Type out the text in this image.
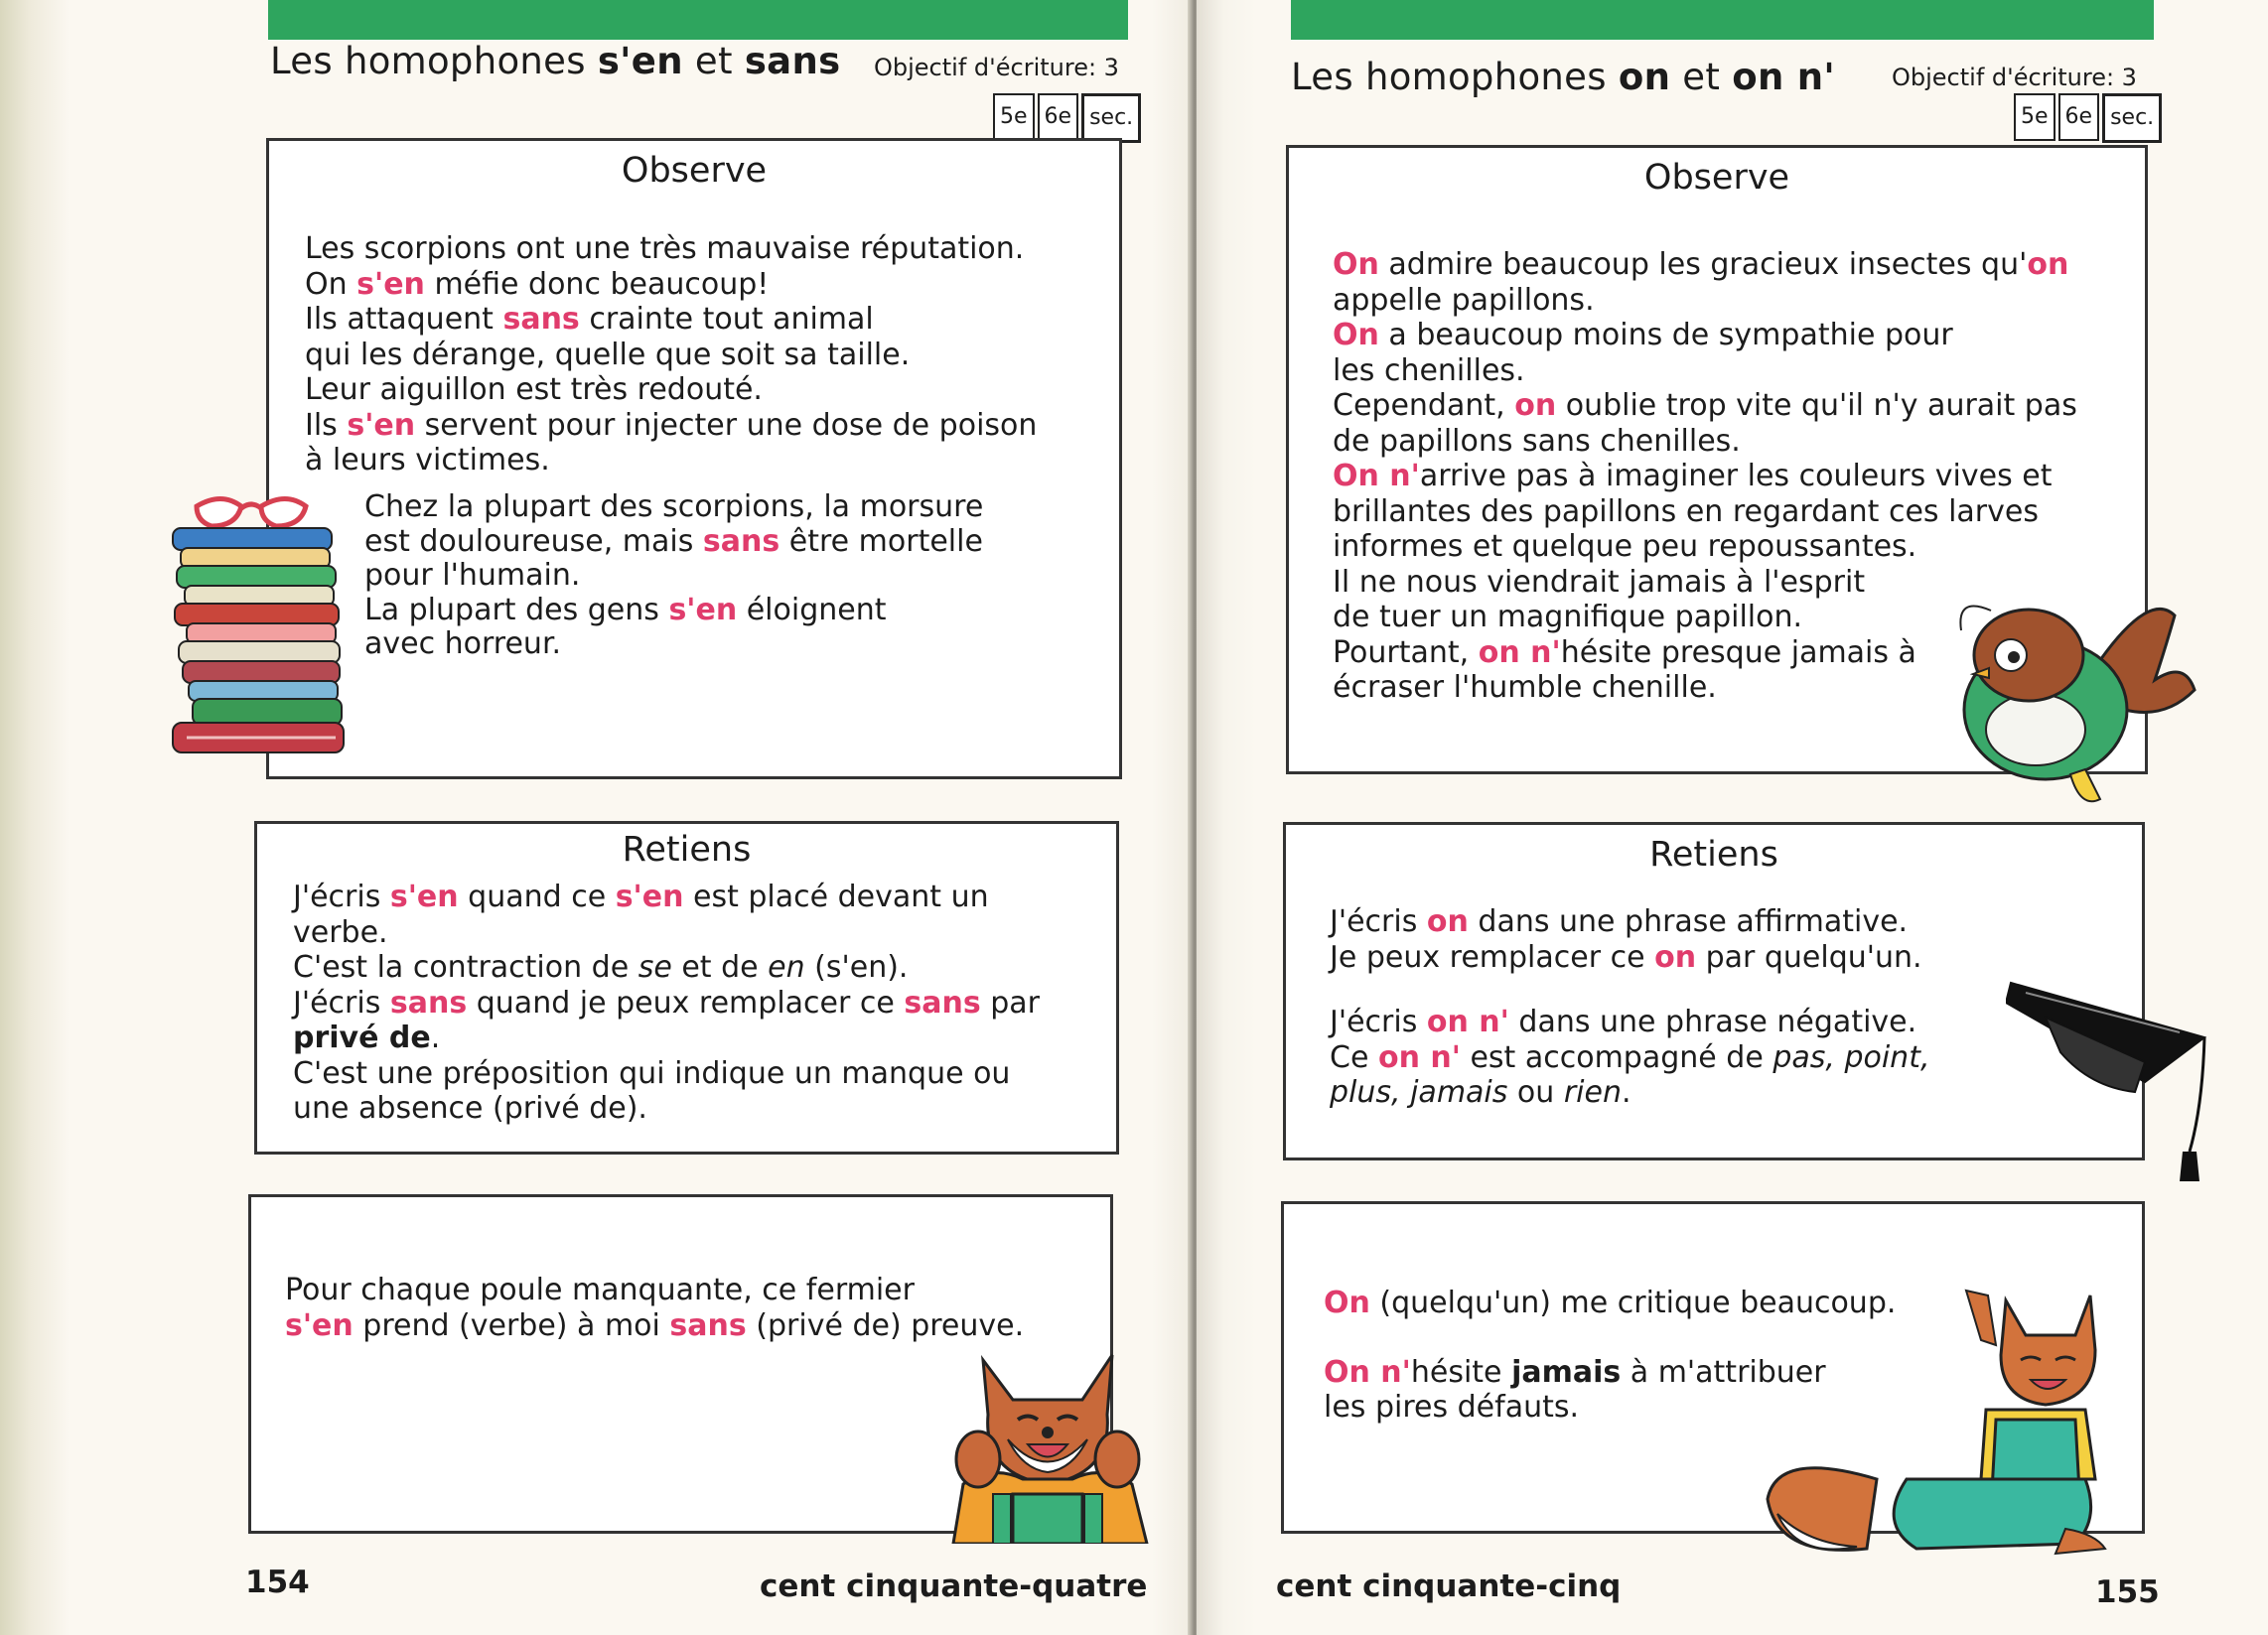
Les homophones s'en et sans Objectif d'écriture: 3
5e 6e sec.
Observe
Les scorpions ont une très mauvaise réputation.
On s'en méfie donc beaucoup!
Ils attaquent sans crainte tout animal
qui les dérange, quelle que soit sa taille.
Leur aiguillon est très redouté.
Ils s'en servent pour injecter une dose de poison
à leurs victimes.
Chez la plupart des scorpions, la morsure
est douloureuse, mais sans être mortelle
pour l'humain.
La plupart des gens s'en éloignent
avec horreur.
Retiens
J'écris s'en quand ce s'en est placé devant un
verbe.
C'est la contraction de se et de en (s'en).
J'écris sans quand je peux remplacer ce sans par
privé de.
C'est une préposition qui indique un manque ou
une absence (privé de).
Pour chaque poule manquante, ce fermier
s'en prend (verbe) à moi sans (privé de) preuve.
154	cent cinquante-quatre
Les homophones on et on n' Objectif d'écriture: 3
5e 6e sec.
Observe
On admire beaucoup les gracieux insectes qu'on
appelle papillons.
On a beaucoup moins de sympathie pour
les chenilles.
Cependant, on oublie trop vite qu'il n'y aurait pas
de papillons sans chenilles.
On n'arrive pas à imaginer les couleurs vives et
brillantes des papillons en regardant ces larves
informes et quelque peu repoussantes.
Il ne nous viendrait jamais à l'esprit
de tuer un magnifique papillon.
Pourtant, on n'hésite presque jamais à
écraser l'humble chenille.
Retiens
J'écris on dans une phrase affirmative.
Je peux remplacer ce on par quelqu'un.
J'écris on n' dans une phrase négative.
Ce on n' est accompagné de pas, point,
plus, jamais ou rien.
On (quelqu'un) me critique beaucoup.
On n'hésite jamais à m'attribuer
les pires défauts.
cent cinquante-cinq	155
